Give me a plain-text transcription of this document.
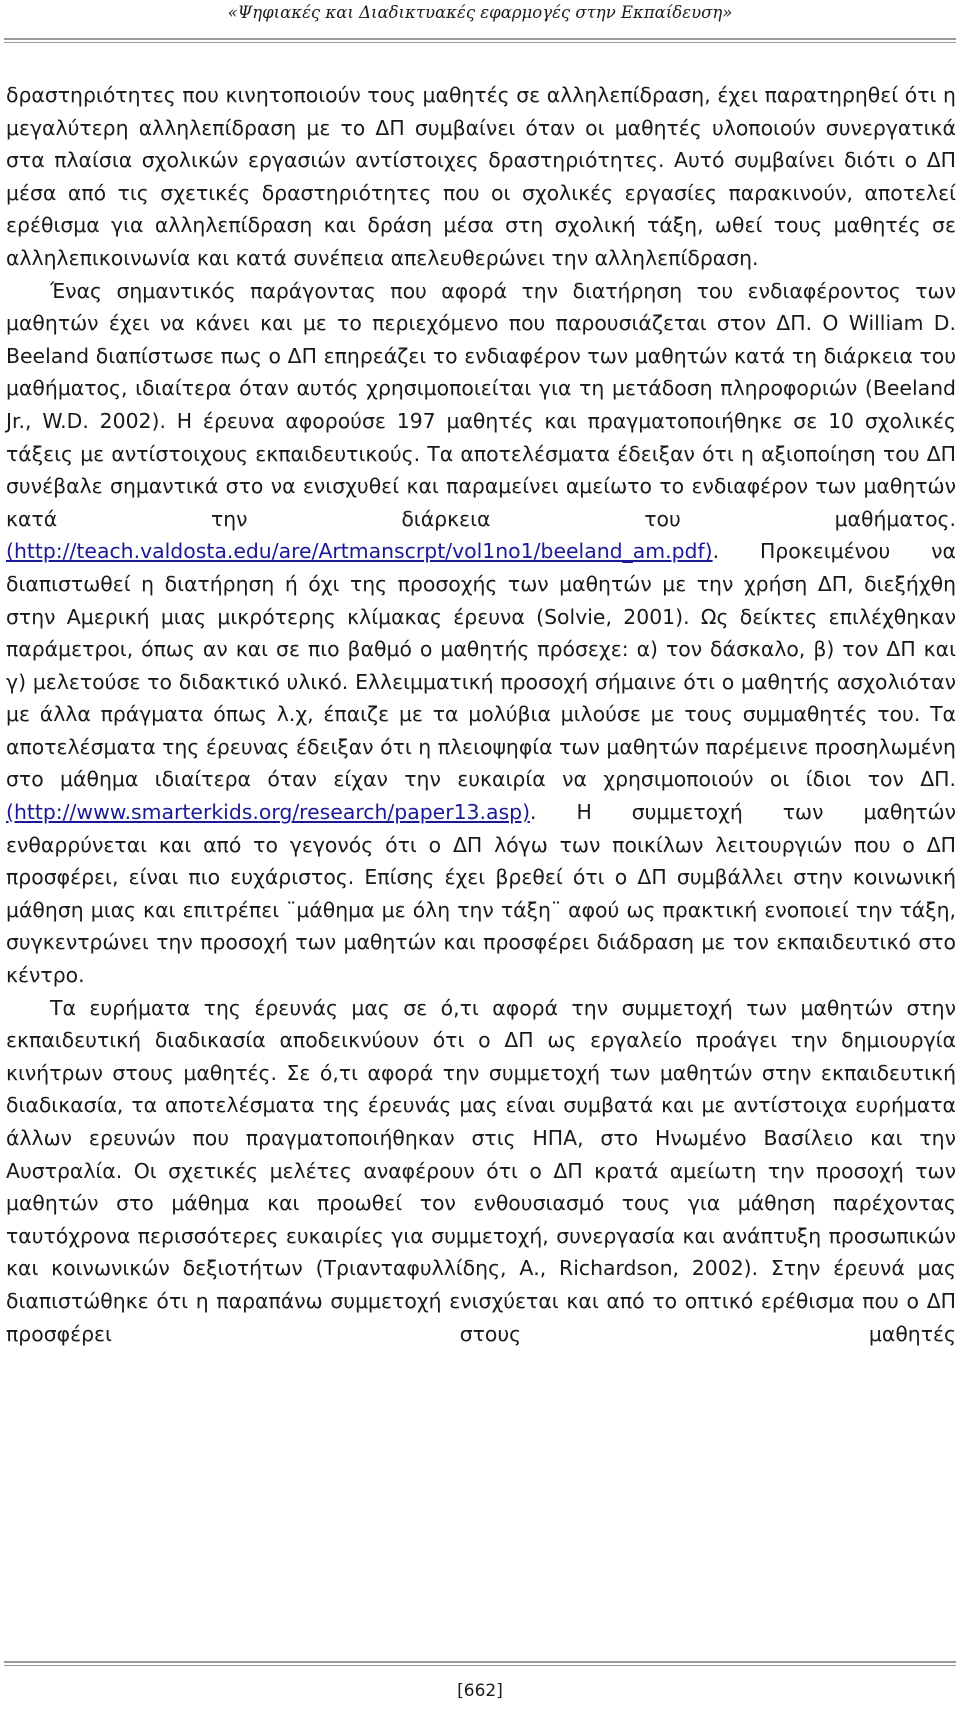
«Ψηφιακές και Διαδικτυακές εφαρμογές στην Εκπαίδευση»

δραστηριότητες που κινητοποιούν τους μαθητές σε αλληλεπίδραση, έχει παρατηρηθεί ότι η μεγαλύτερη αλληλεπίδραση με το ΔΠ συμβαίνει όταν οι μαθητές υλοποιούν συνεργατικά στα πλαίσια σχολικών εργασιών αντίστοιχες δραστηριότητες. Αυτό συμβαίνει διότι ο ΔΠ μέσα από τις σχετικές δραστηριότητες που οι σχολικές εργασίες παρακινούν, αποτελεί ερέθισμα για αλληλεπίδραση και δράση μέσα στη σχολική τάξη, ωθεί τους μαθητές σε αλληλεπικοινωνία και κατά συνέπεια απελευθερώνει την αλληλεπίδραση.

Ένας σημαντικός παράγοντας που αφορά την διατήρηση του ενδιαφέροντος των μαθητών έχει να κάνει και με το περιεχόμενο που παρουσιάζεται στον ΔΠ. Ο William D. Beeland διαπίστωσε πως ο ΔΠ επηρεάζει το ενδιαφέρον των μαθητών κατά τη διάρκεια του μαθήματος, ιδιαίτερα όταν αυτός χρησιμοποιείται για τη μετάδοση πληροφοριών (Beeland Jr., W.D. 2002). Η έρευνα αφορούσε 197 μαθητές και πραγματοποιήθηκε σε 10 σχολικές τάξεις με αντίστοιχους εκπαιδευτικούς. Τα αποτελέσματα έδειξαν ότι η αξιοποίηση του ΔΠ συνέβαλε σημαντικά στο να ενισχυθεί και παραμείνει αμείωτο το ενδιαφέρον των μαθητών κατά την διάρκεια του μαθήματος. (http://teach.valdosta.edu/are/Artmanscrpt/vol1no1/beeland_am.pdf). Προκειμένου να διαπιστωθεί η διατήρηση ή όχι της προσοχής των μαθητών με την χρήση ΔΠ, διεξήχθη στην Αμερική μιας μικρότερης κλίμακας έρευνα (Solvie, 2001). Ως δείκτες επιλέχθηκαν παράμετροι, όπως αν και σε πιο βαθμό ο μαθητής πρόσεχε: α) τον δάσκαλο, β) τον ΔΠ και γ) μελετούσε το διδακτικό υλικό. Ελλειμματική προσοχή σήμαινε ότι ο μαθητής ασχολιόταν με άλλα πράγματα όπως λ.χ, έπαιζε με τα μολύβια μιλούσε με τους συμμαθητές του. Τα αποτελέσματα της έρευνας έδειξαν ότι η πλειοψηφία των μαθητών παρέμεινε προσηλωμένη στο μάθημα ιδιαίτερα όταν είχαν την ευκαιρία να χρησιμοποιούν οι ίδιοι τον ΔΠ. (http://www.smarterkids.org/research/paper13.asp). Η συμμετοχή των μαθητών ενθαρρύνεται και από το γεγονός ότι ο ΔΠ λόγω των ποικίλων λειτουργιών που ο ΔΠ προσφέρει, είναι πιο ευχάριστος. Επίσης έχει βρεθεί ότι ο ΔΠ συμβάλλει στην κοινωνική μάθηση μιας και επιτρέπει ¨μάθημα με όλη την τάξη¨ αφού ως πρακτική ενοποιεί την τάξη, συγκεντρώνει την προσοχή των μαθητών και προσφέρει διάδραση με τον εκπαιδευτικό στο κέντρο.

Τα ευρήματα της έρευνάς μας σε ό,τι αφορά την συμμετοχή των μαθητών στην εκπαιδευτική διαδικασία αποδεικνύουν ότι ο ΔΠ ως εργαλείο προάγει την δημιουργία κινήτρων στους μαθητές. Σε ό,τι αφορά την συμμετοχή των μαθητών στην εκπαιδευτική διαδικασία, τα αποτελέσματα της έρευνάς μας είναι συμβατά και με αντίστοιχα ευρήματα άλλων ερευνών που πραγματοποιήθηκαν στις ΗΠΑ, στο Ηνωμένο Βασίλειο και την Αυστραλία. Οι σχετικές μελέτες αναφέρουν ότι ο ΔΠ κρατά αμείωτη την προσοχή των μαθητών στο μάθημα και προωθεί τον ενθουσιασμό τους για μάθηση παρέχοντας ταυτόχρονα περισσότερες ευκαιρίες για συμμετοχή, συνεργασία και ανάπτυξη προσωπικών και κοινωνικών δεξιοτήτων (Τριανταφυλλίδης, Α., Richardson, 2002). Στην έρευνά μας διαπιστώθηκε ότι η παραπάνω συμμετοχή ενισχύεται και από το οπτικό ερέθισμα που ο ΔΠ προσφέρει στους μαθητές

[662]
